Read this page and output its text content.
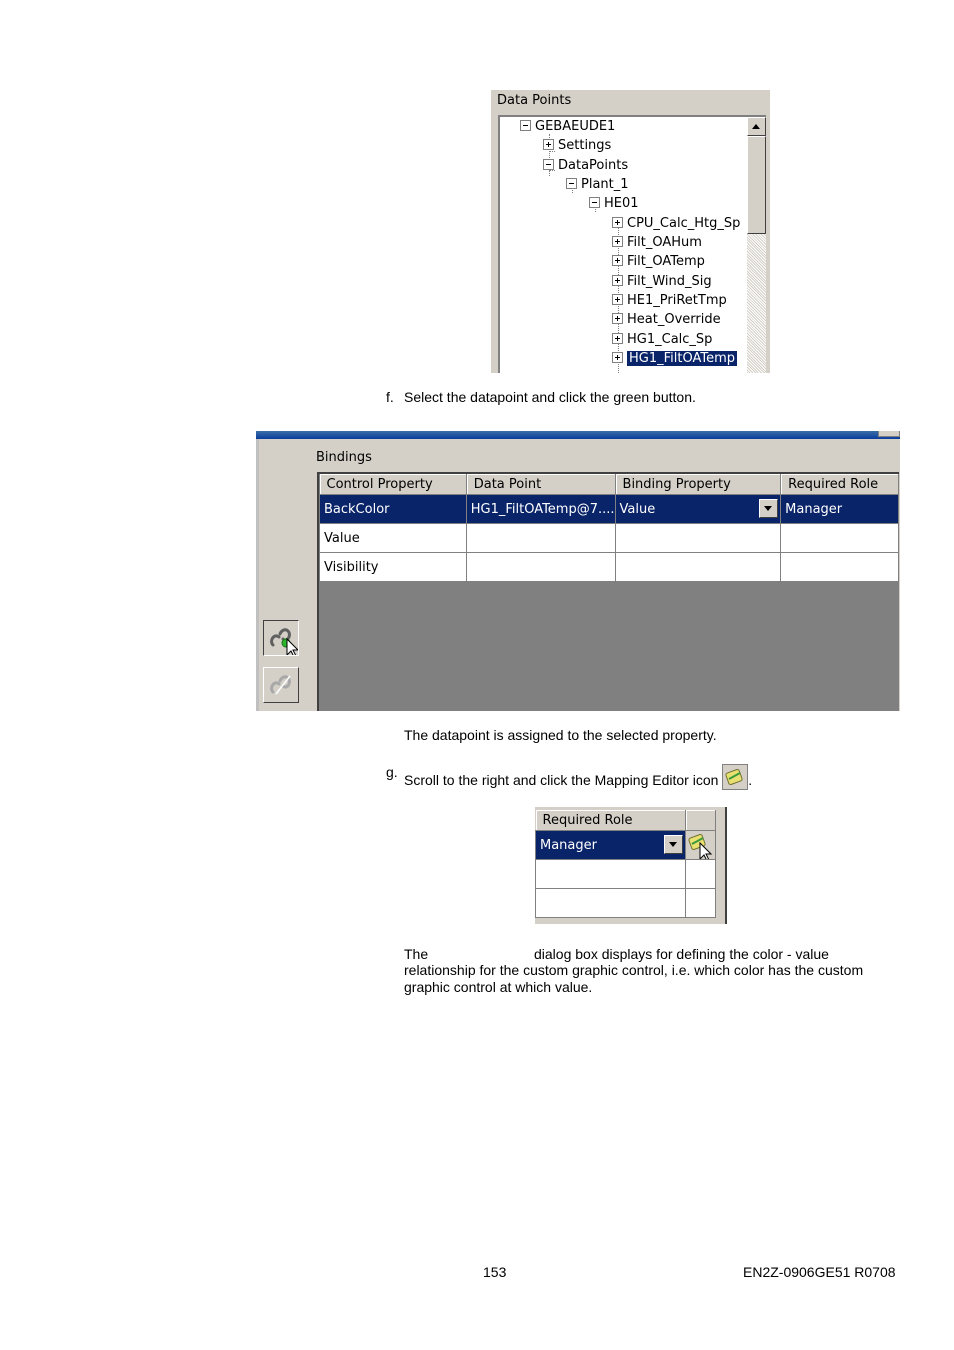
Data Points
GEBAEUDE1
Settings
DataPoints
Plant_1
HE01
CPU_Calc_Htg_Sp
Filt_OAHum
Filt_OATemp
Filt_Wind_Sig
HE1_PriRetTmp
Heat_Override
HG1_Calc_Sp
HG1_FiltOATemp
f. Select the datapoint and click the green button.
Bindings
Control Property	Data Point	Binding Property	Required Role
BackColor	HG1_FiltOATemp@7....	Value	Manager
Value			
Visibility			
The datapoint is assigned to the selected property.
g. Scroll to the right and click the Mapping Editor icon .
Required Role	
Manager

The	dialog box displays for defining the color - value
relationship for the custom graphic control, i.e. which color has the custom
graphic control at which value.
153	EN2Z-0906GE51 R0708
